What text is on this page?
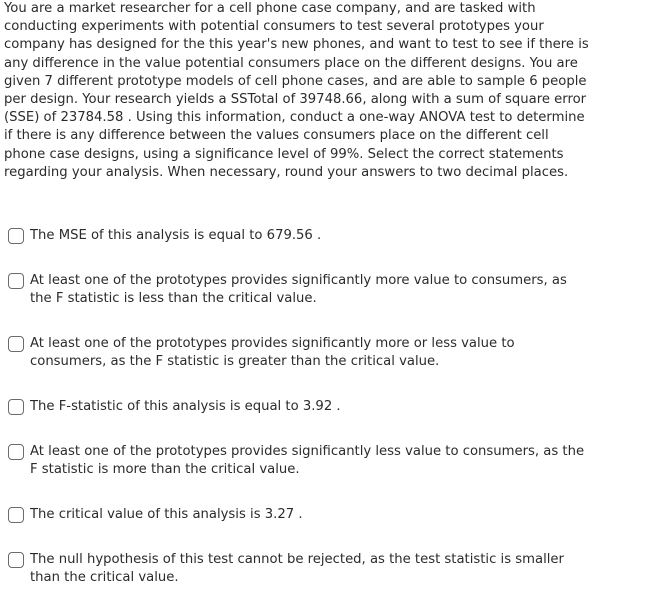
You are a market researcher for a cell phone case company, and are tasked with conducting experiments with potential consumers to test several prototypes your company has designed for the this year's new phones, and want to test to see if there is any difference in the value potential consumers place on the different designs. You are given 7 different prototype models of cell phone cases, and are able to sample 6 people per design. Your research yields a SSTotal of 39748.66, along with a sum of square error (SSE) of 23784.58 . Using this information, conduct a one-way ANOVA test to determine if there is any difference between the values consumers place on the different cell phone case designs, using a significance level of 99%. Select the correct statements regarding your analysis. When necessary, round your answers to two decimal places.

The MSE of this analysis is equal to 679.56 .
At least one of the prototypes provides significantly more value to consumers, as the F statistic is less than the critical value.
At least one of the prototypes provides significantly more or less value to consumers, as the F statistic is greater than the critical value.
The F-statistic of this analysis is equal to 3.92 .
At least one of the prototypes provides significantly less value to consumers, as the F statistic is more than the critical value.
The critical value of this analysis is 3.27 .
The null hypothesis of this test cannot be rejected, as the test statistic is smaller than the critical value.
